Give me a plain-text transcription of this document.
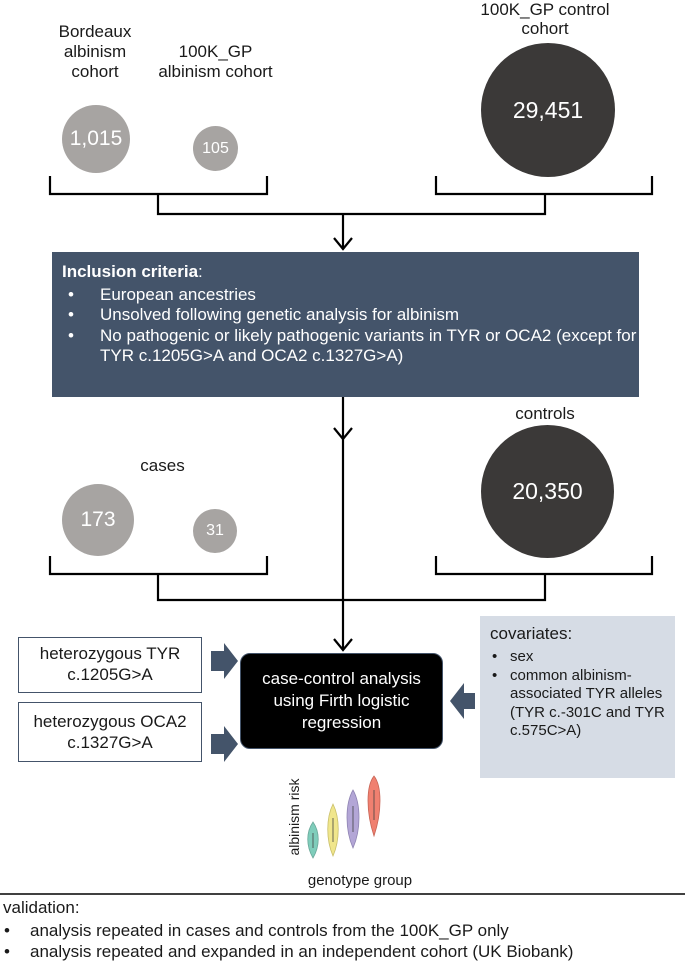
Bordeaux albinism cohort
100K_GP albinism cohort
100K_GP control cohort
1,015	105
29,451
Inclusion criteria:
• European ancestries
• Unsolved following genetic analysis for albinism
• No pathogenic or likely pathogenic variants in TYR or OCA2 (except for TYR c.1205G>A and OCA2 c.1327G>A)
cases
controls
173	31
20,350
heterozygous TYR c.1205G>A
heterozygous OCA2 c.1327G>A
case-control analysis using Firth logistic regression
covariates:
• sex
• common albinism-associated TYR alleles (TYR c.-301C and TYR c.575C>A)
albinism risk
genotype group
validation:
• analysis repeated in cases and controls from the 100K_GP only
• analysis repeated and expanded in an independent cohort (UK Biobank)
